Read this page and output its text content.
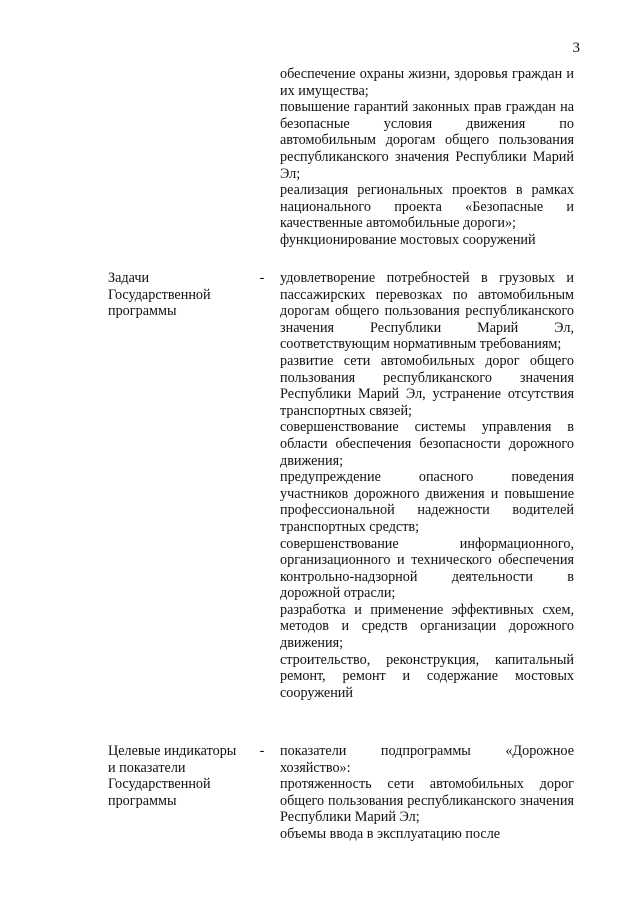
3
обеспечение охраны жизни, здоровья граждан и их имущества;
повышение гарантий законных прав граждан на безопасные условия движения по автомобильным дорогам общего пользования республиканского значения Республики Марий Эл;
реализация региональных проектов в рамках национального проекта «Безопасные и качественные автомобильные дороги»;
функционирование мостовых сооружений
Задачи Государственной программы
- удовлетворение потребностей в грузовых и пассажирских перевозках по автомобильным дорогам общего пользования республиканского значения Республики Марий Эл, соответствующим нормативным требованиям;
развитие сети автомобильных дорог общего пользования республиканского значения Республики Марий Эл, устранение отсутствия транспортных связей;
совершенствование системы управления в области обеспечения безопасности дорожного движения;
предупреждение опасного поведения участников дорожного движения и повышение профессиональной надежности водителей транспортных средств;
совершенствование информационного, организационного и технического обеспечения контрольно-надзорной деятельности в дорожной отрасли;
разработка и применение эффективных схем, методов и средств организации дорожного движения;
строительство, реконструкция, капитальный ремонт, ремонт и содержание мостовых сооружений
Целевые индикаторы и показатели Государственной программы
- показатели подпрограммы «Дорожное хозяйство»:
протяженность сети автомобильных дорог общего пользования республиканского значения Республики Марий Эл;
объемы ввода в эксплуатацию после
